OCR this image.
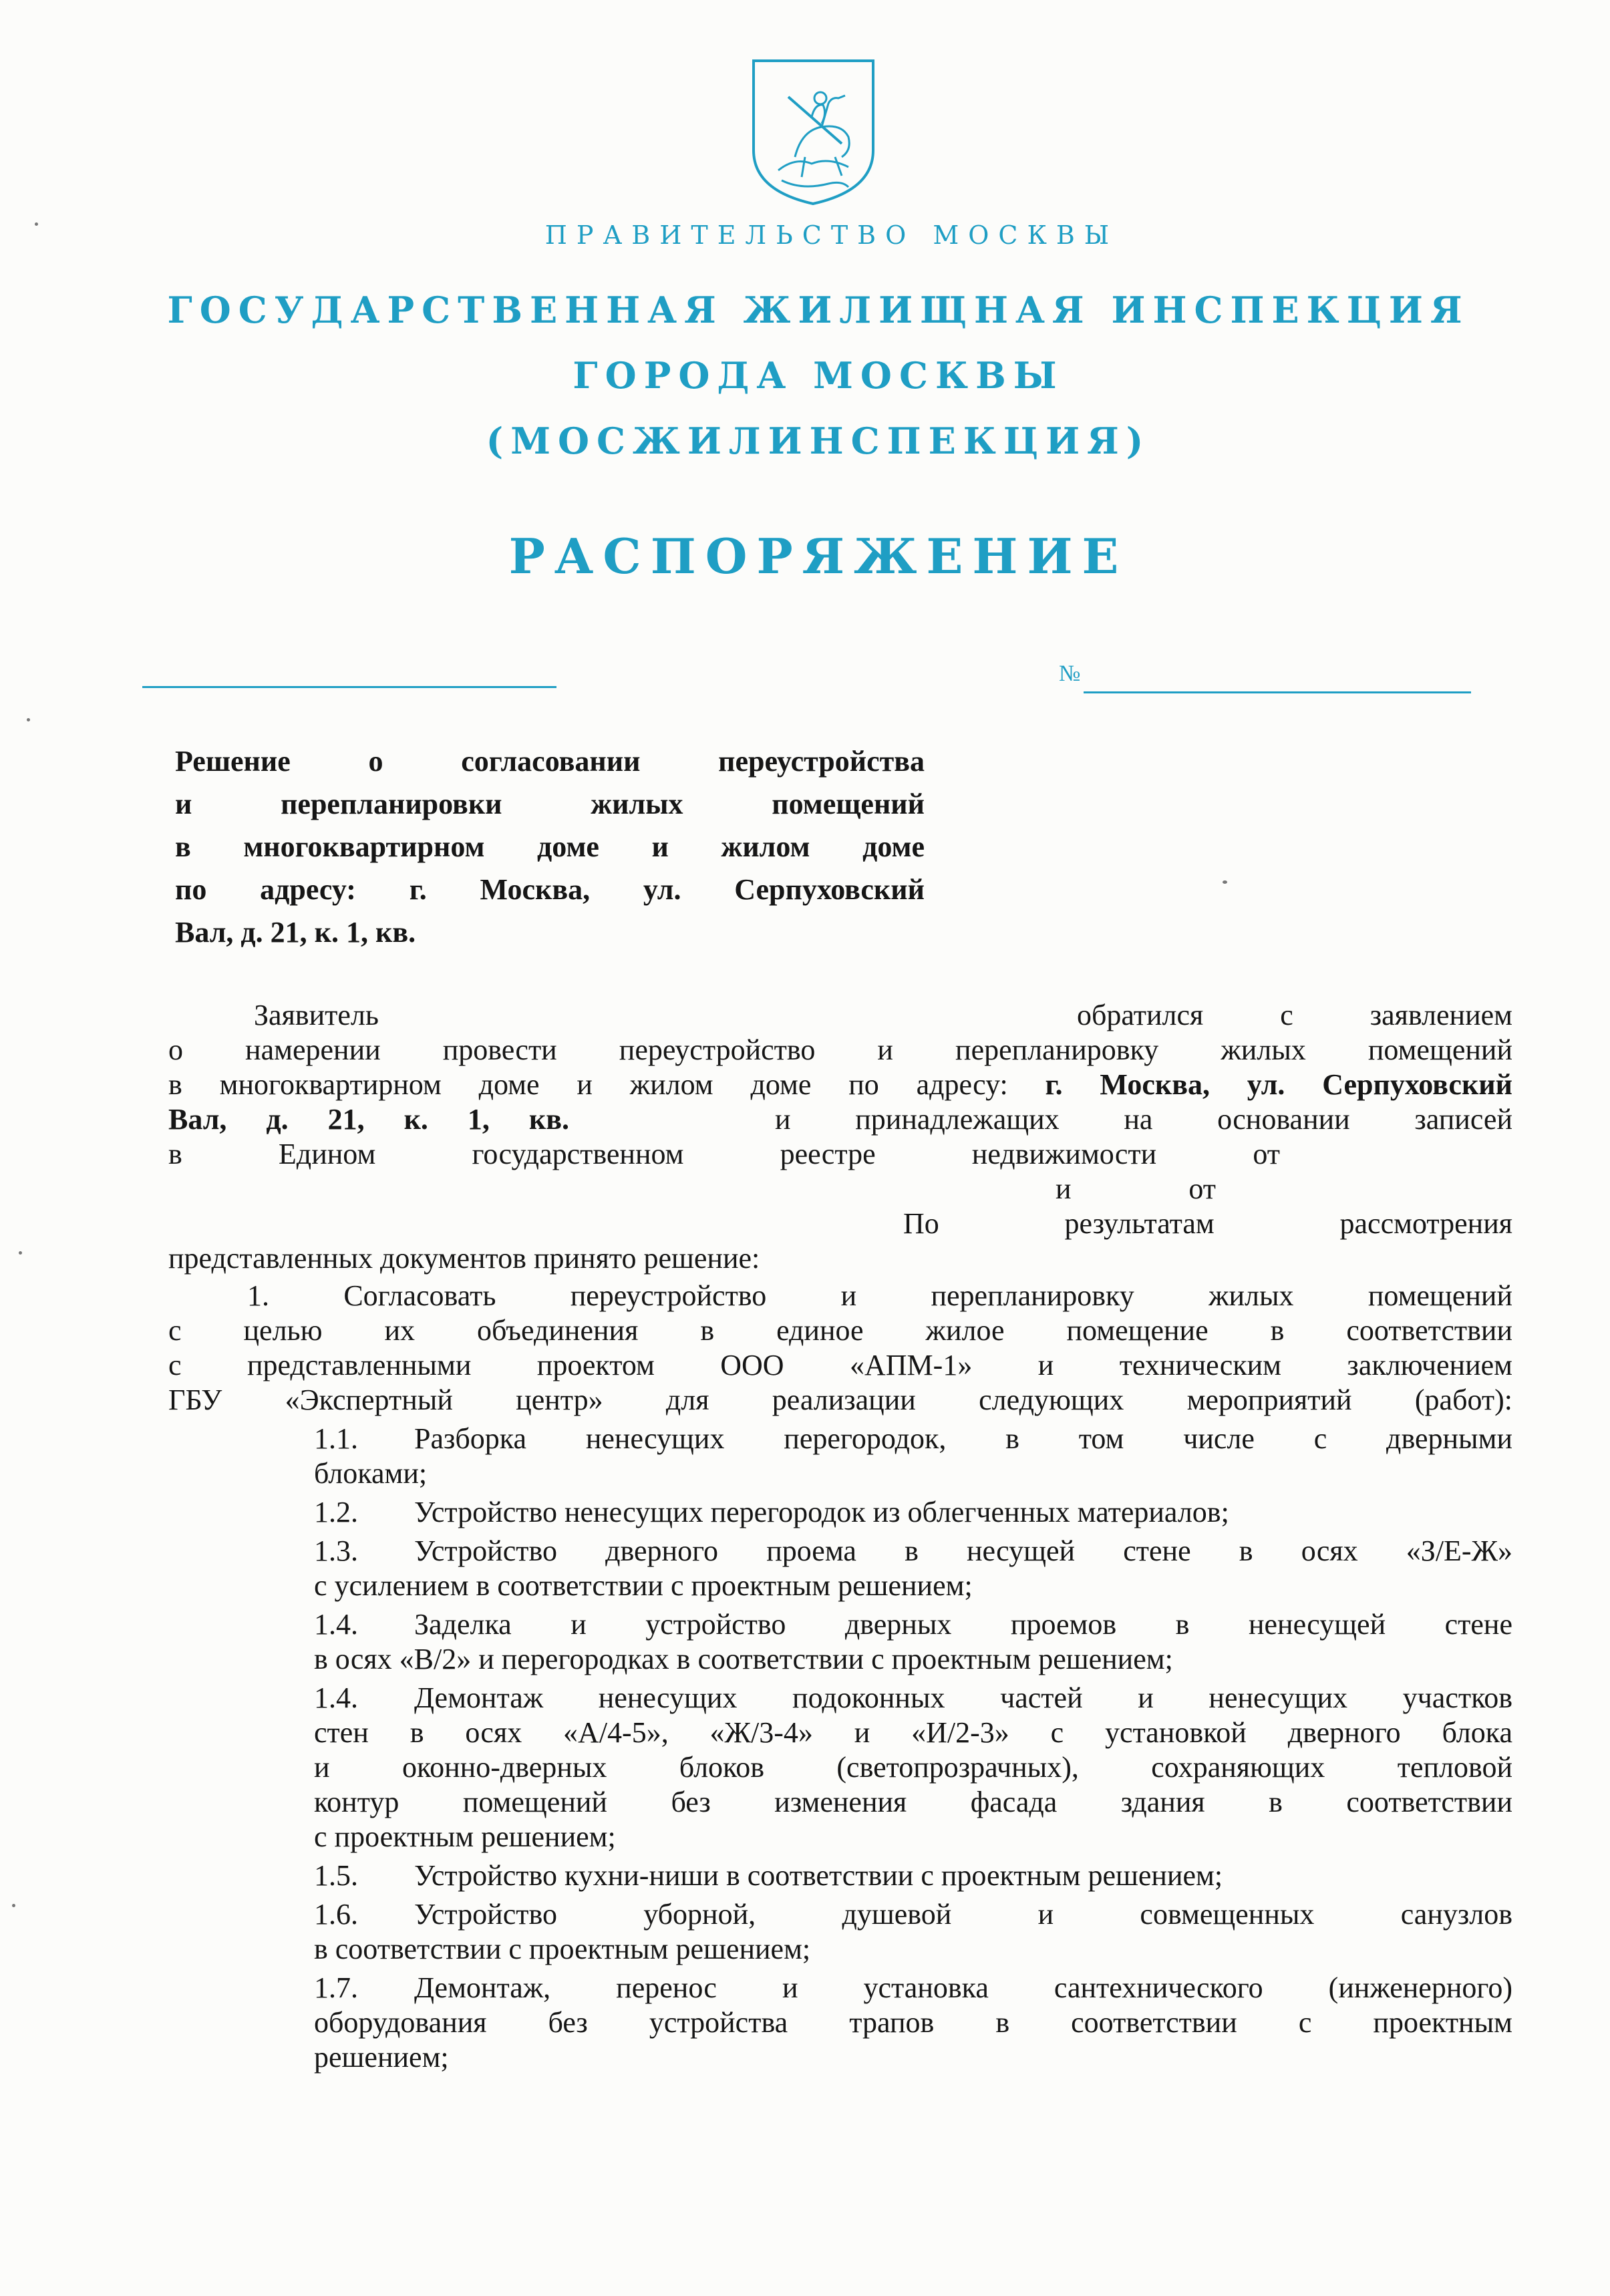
ПРАВИТЕЛЬСТВО МОСКВЫ
ГОСУДАРСТВЕННАЯ ЖИЛИЩНАЯ ИНСПЕКЦИЯ
ГОРОДА МОСКВЫ
(МОСЖИЛИНСПЕКЦИЯ)
РАСПОРЯЖЕНИЕ
№
Решение о согласовании переустройства
и перепланировки жилых помещений
в многоквартирном доме и жилом доме
по адресу: г. Москва, ул. Серпуховский
Вал, д. 21, к. 1, кв.
Заявитель	обратился с заявлением
о намерении провести переустройство и перепланировку жилых помещений
в многоквартирном доме и жилом доме по адресу: г. Москва, ул. Серпуховский
Вал, д. 21, к. 1, кв.	и принадлежащих на основании записей
в Едином государственном реестре недвижимости от
и от
По результатам рассмотрения
представленных документов принято решение:
1. Согласовать переустройство и перепланировку жилых помещений
с целью их объединения в единое жилое помещение в соответствии
с представленными проектом ООО «АПМ-1» и техническим заключением
ГБУ «Экспертный центр» для реализации следующих мероприятий (работ):
1.1. Разборка ненесущих перегородок, в том числе с дверными
блоками;
1.2. Устройство ненесущих перегородок из облегченных материалов;
1.3. Устройство дверного проема в несущей стене в осях «З/Е-Ж»
с усилением в соответствии с проектным решением;
1.4. Заделка и устройство дверных проемов в ненесущей стене
в осях «В/2» и перегородках в соответствии с проектным решением;
1.4. Демонтаж ненесущих подоконных частей и ненесущих участков
стен в осях «А/4-5», «Ж/3-4» и «И/2-3» с установкой дверного блока
и оконно-дверных блоков (светопрозрачных), сохраняющих тепловой
контур помещений без изменения фасада здания в соответствии
с проектным решением;
1.5. Устройство кухни-ниши в соответствии с проектным решением;
1.6. Устройство уборной, душевой и совмещенных санузлов
в соответствии с проектным решением;
1.7. Демонтаж, перенос и установка сантехнического (инженерного)
оборудования без устройства трапов в соответствии с проектным
решением;
